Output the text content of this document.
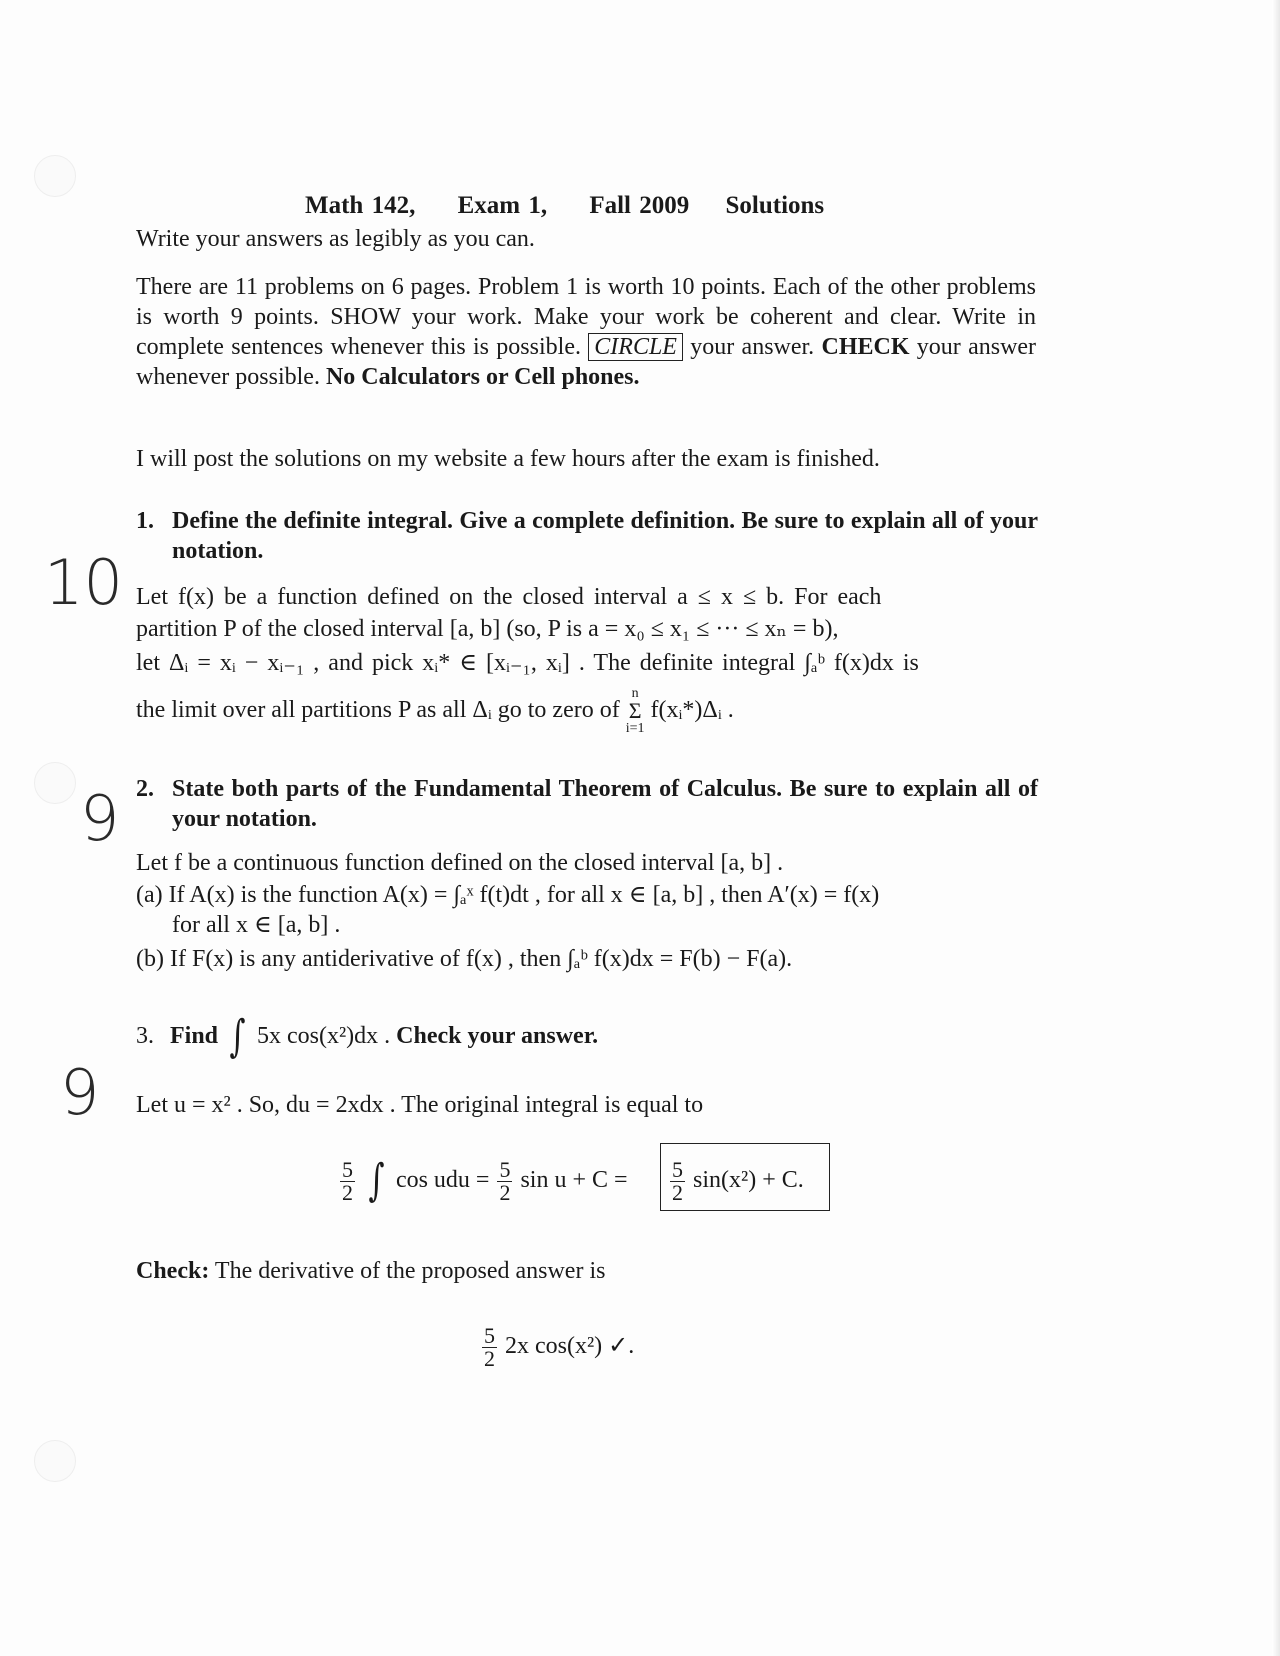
Math 142, Exam 1, Fall 2009 Solutions
Write your answers as legibly as you can.
There are 11 problems on 6 pages. Problem 1 is worth 10 points. Each of the other problems is worth 9 points. SHOW your work. Make your work be coherent and clear. Write in complete sentences whenever this is possible. CIRCLE your answer. CHECK your answer whenever possible. No Calculators or Cell phones.
I will post the solutions on my website a few hours after the exam is finished.
10
9
9
1. Define the definite integral. Give a complete definition. Be sure to explain all of your notation.
Let f(x) be a function defined on the closed interval a ≤ x ≤ b. For each
partition P of the closed interval [a, b] (so, P is a = x₀ ≤ x₁ ≤ ··· ≤ xₙ = b),
let Δᵢ = xᵢ − xᵢ₋₁ , and pick xᵢ* ∈ [xᵢ₋₁, xᵢ] . The definite integral ∫ₐᵇ f(x)dx is
the limit over all partitions P as all Δᵢ go to zero of n
Σ
i=1 f(xᵢ*)Δᵢ .
2. State both parts of the Fundamental Theorem of Calculus. Be sure to explain all of your notation.
Let f be a continuous function defined on the closed interval [a, b] .
(a) If A(x) is the function A(x) = ∫ₐˣ f(t)dt , for all x ∈ [a, b] , then A′(x) = f(x)
for all x ∈ [a, b] .
(b) If F(x) is any antiderivative of f(x) , then ∫ₐᵇ f(x)dx = F(b) − F(a).
3. Find ∫ 5x cos(x²)dx . Check your answer.
Let u = x² . So, du = 2xdx . The original integral is equal to
$\frac{5}{2}$ ∫ cos udu = $\frac{5}{2}$ $\sin u + C = \frac{5}{2} \sin(x^2) + C$.
Check: The derivative of the proposed answer is
$\frac{5}{2} 2x$ cos(x²) ✓.
